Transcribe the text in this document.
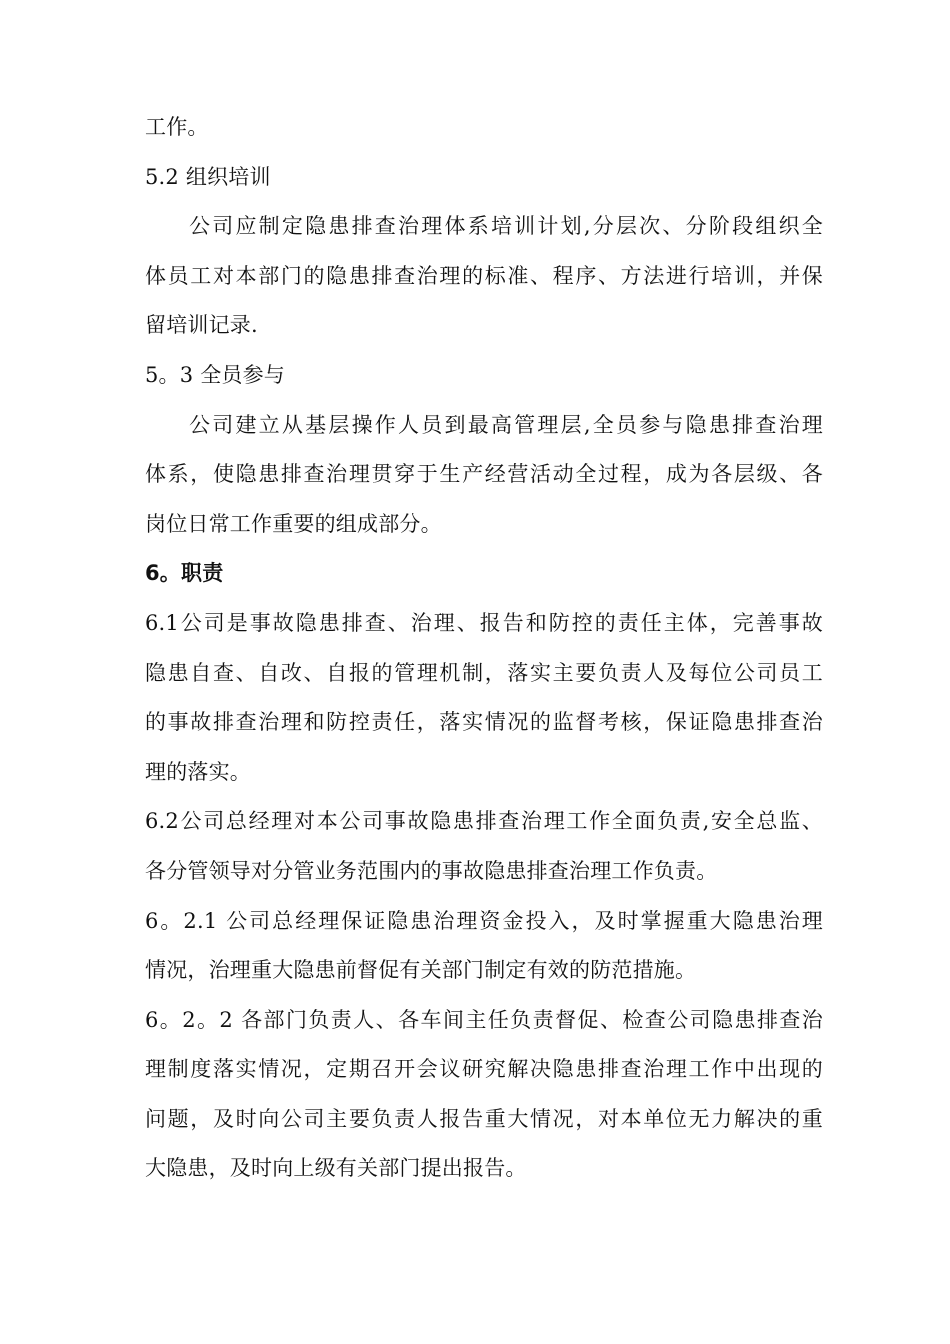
工作。
5.2 组织培训
公司应制定隐患排查治理体系培训计划,分层次、分阶段组织全
体员工对本部门的隐患排查治理的标准、程序、方法进行培训，并保
留培训记录.
5。3 全员参与
公司建立从基层操作人员到最高管理层,全员参与隐患排查治理
体系，使隐患排查治理贯穿于生产经营活动全过程，成为各层级、各
岗位日常工作重要的组成部分。
6。职责
6.1公司是事故隐患排查、治理、报告和防控的责任主体，完善事故
隐患自查、自改、自报的管理机制，落实主要负责人及每位公司员工
的事故排查治理和防控责任，落实情况的监督考核，保证隐患排查治
理的落实。
6.2公司总经理对本公司事故隐患排查治理工作全面负责,安全总监、
各分管领导对分管业务范围内的事故隐患排查治理工作负责。
6。2.1 公司总经理保证隐患治理资金投入，及时掌握重大隐患治理
情况，治理重大隐患前督促有关部门制定有效的防范措施。
6。2。2 各部门负责人、各车间主任负责督促、检查公司隐患排查治
理制度落实情况，定期召开会议研究解决隐患排查治理工作中出现的
问题，及时向公司主要负责人报告重大情况，对本单位无力解决的重
大隐患，及时向上级有关部门提出报告。
